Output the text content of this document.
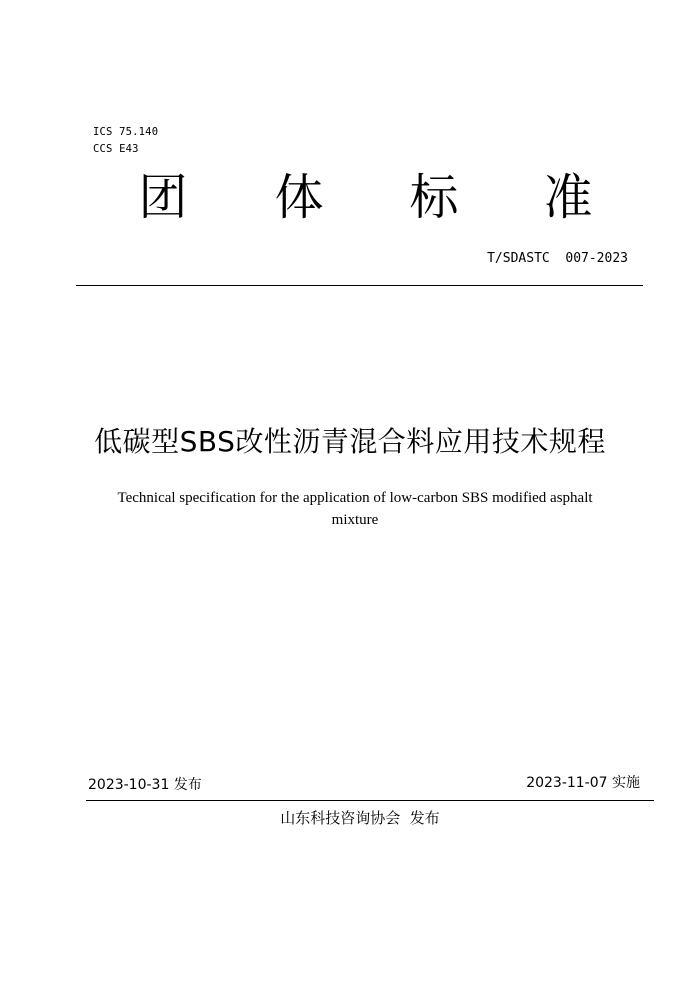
ICS 75.140
CCS E43
团 体 标 准
T/SDASTC  007-2023
低碳型SBS改性沥青混合料应用技术规程
Technical specification for the application of low-carbon SBS modified asphalt
mixture
2023-10-31 发布	2023-11-07 实施
山东科技咨询协会  发布
